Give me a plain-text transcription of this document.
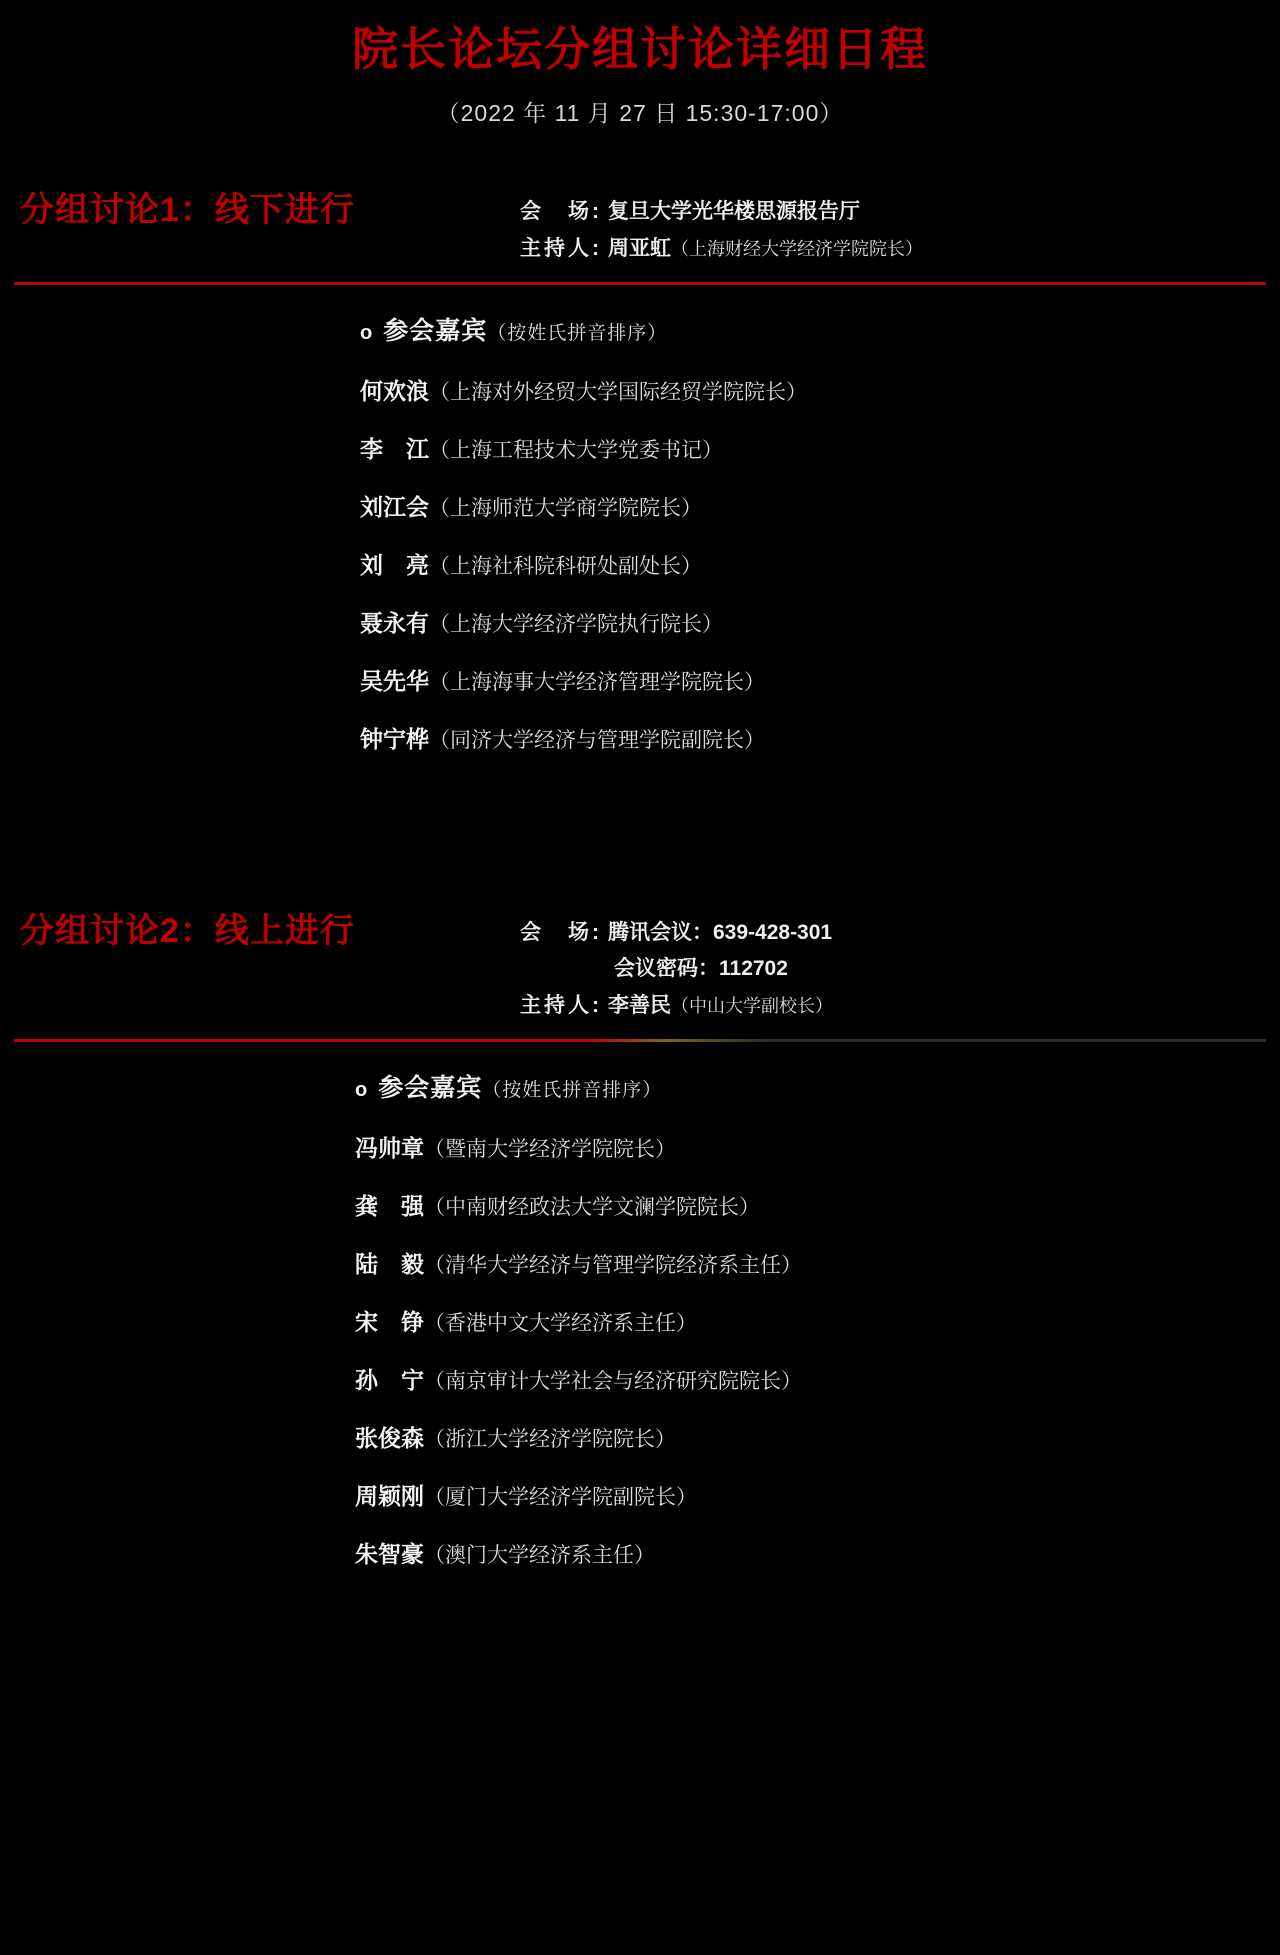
院长论坛分组讨论详细日程
（2022 年 11 月 27 日 15:30-17:00）
分组讨论1：线下进行	会　场: 复旦大学光华楼思源报告厅
主持人: 周亚虹 （上海财经大学经济学院院长）
o 参会嘉宾（按姓氏拼音排序）
何欢浪（上海对外经贸大学国际经贸学院院长）
李　江（上海工程技术大学党委书记）
刘江会（上海师范大学商学院院长）
刘　亮（上海社科院科研处副处长）
聂永有（上海大学经济学院执行院长）
吴先华（上海海事大学经济管理学院院长）
钟宁桦（同济大学经济与管理学院副院长）
分组讨论2：线上进行	会　场: 腾讯会议：639-428-301
会议密码：112702
主持人: 李善民 （中山大学副校长）
o 参会嘉宾（按姓氏拼音排序）
冯帅章（暨南大学经济学院院长）
龚　强（中南财经政法大学文澜学院院长）
陆　毅（清华大学经济与管理学院经济系主任）
宋　铮（香港中文大学经济系主任）
孙　宁（南京审计大学社会与经济研究院院长）
张俊森（浙江大学经济学院院长）
周颖刚（厦门大学经济学院副院长）
朱智豪（澳门大学经济系主任）
